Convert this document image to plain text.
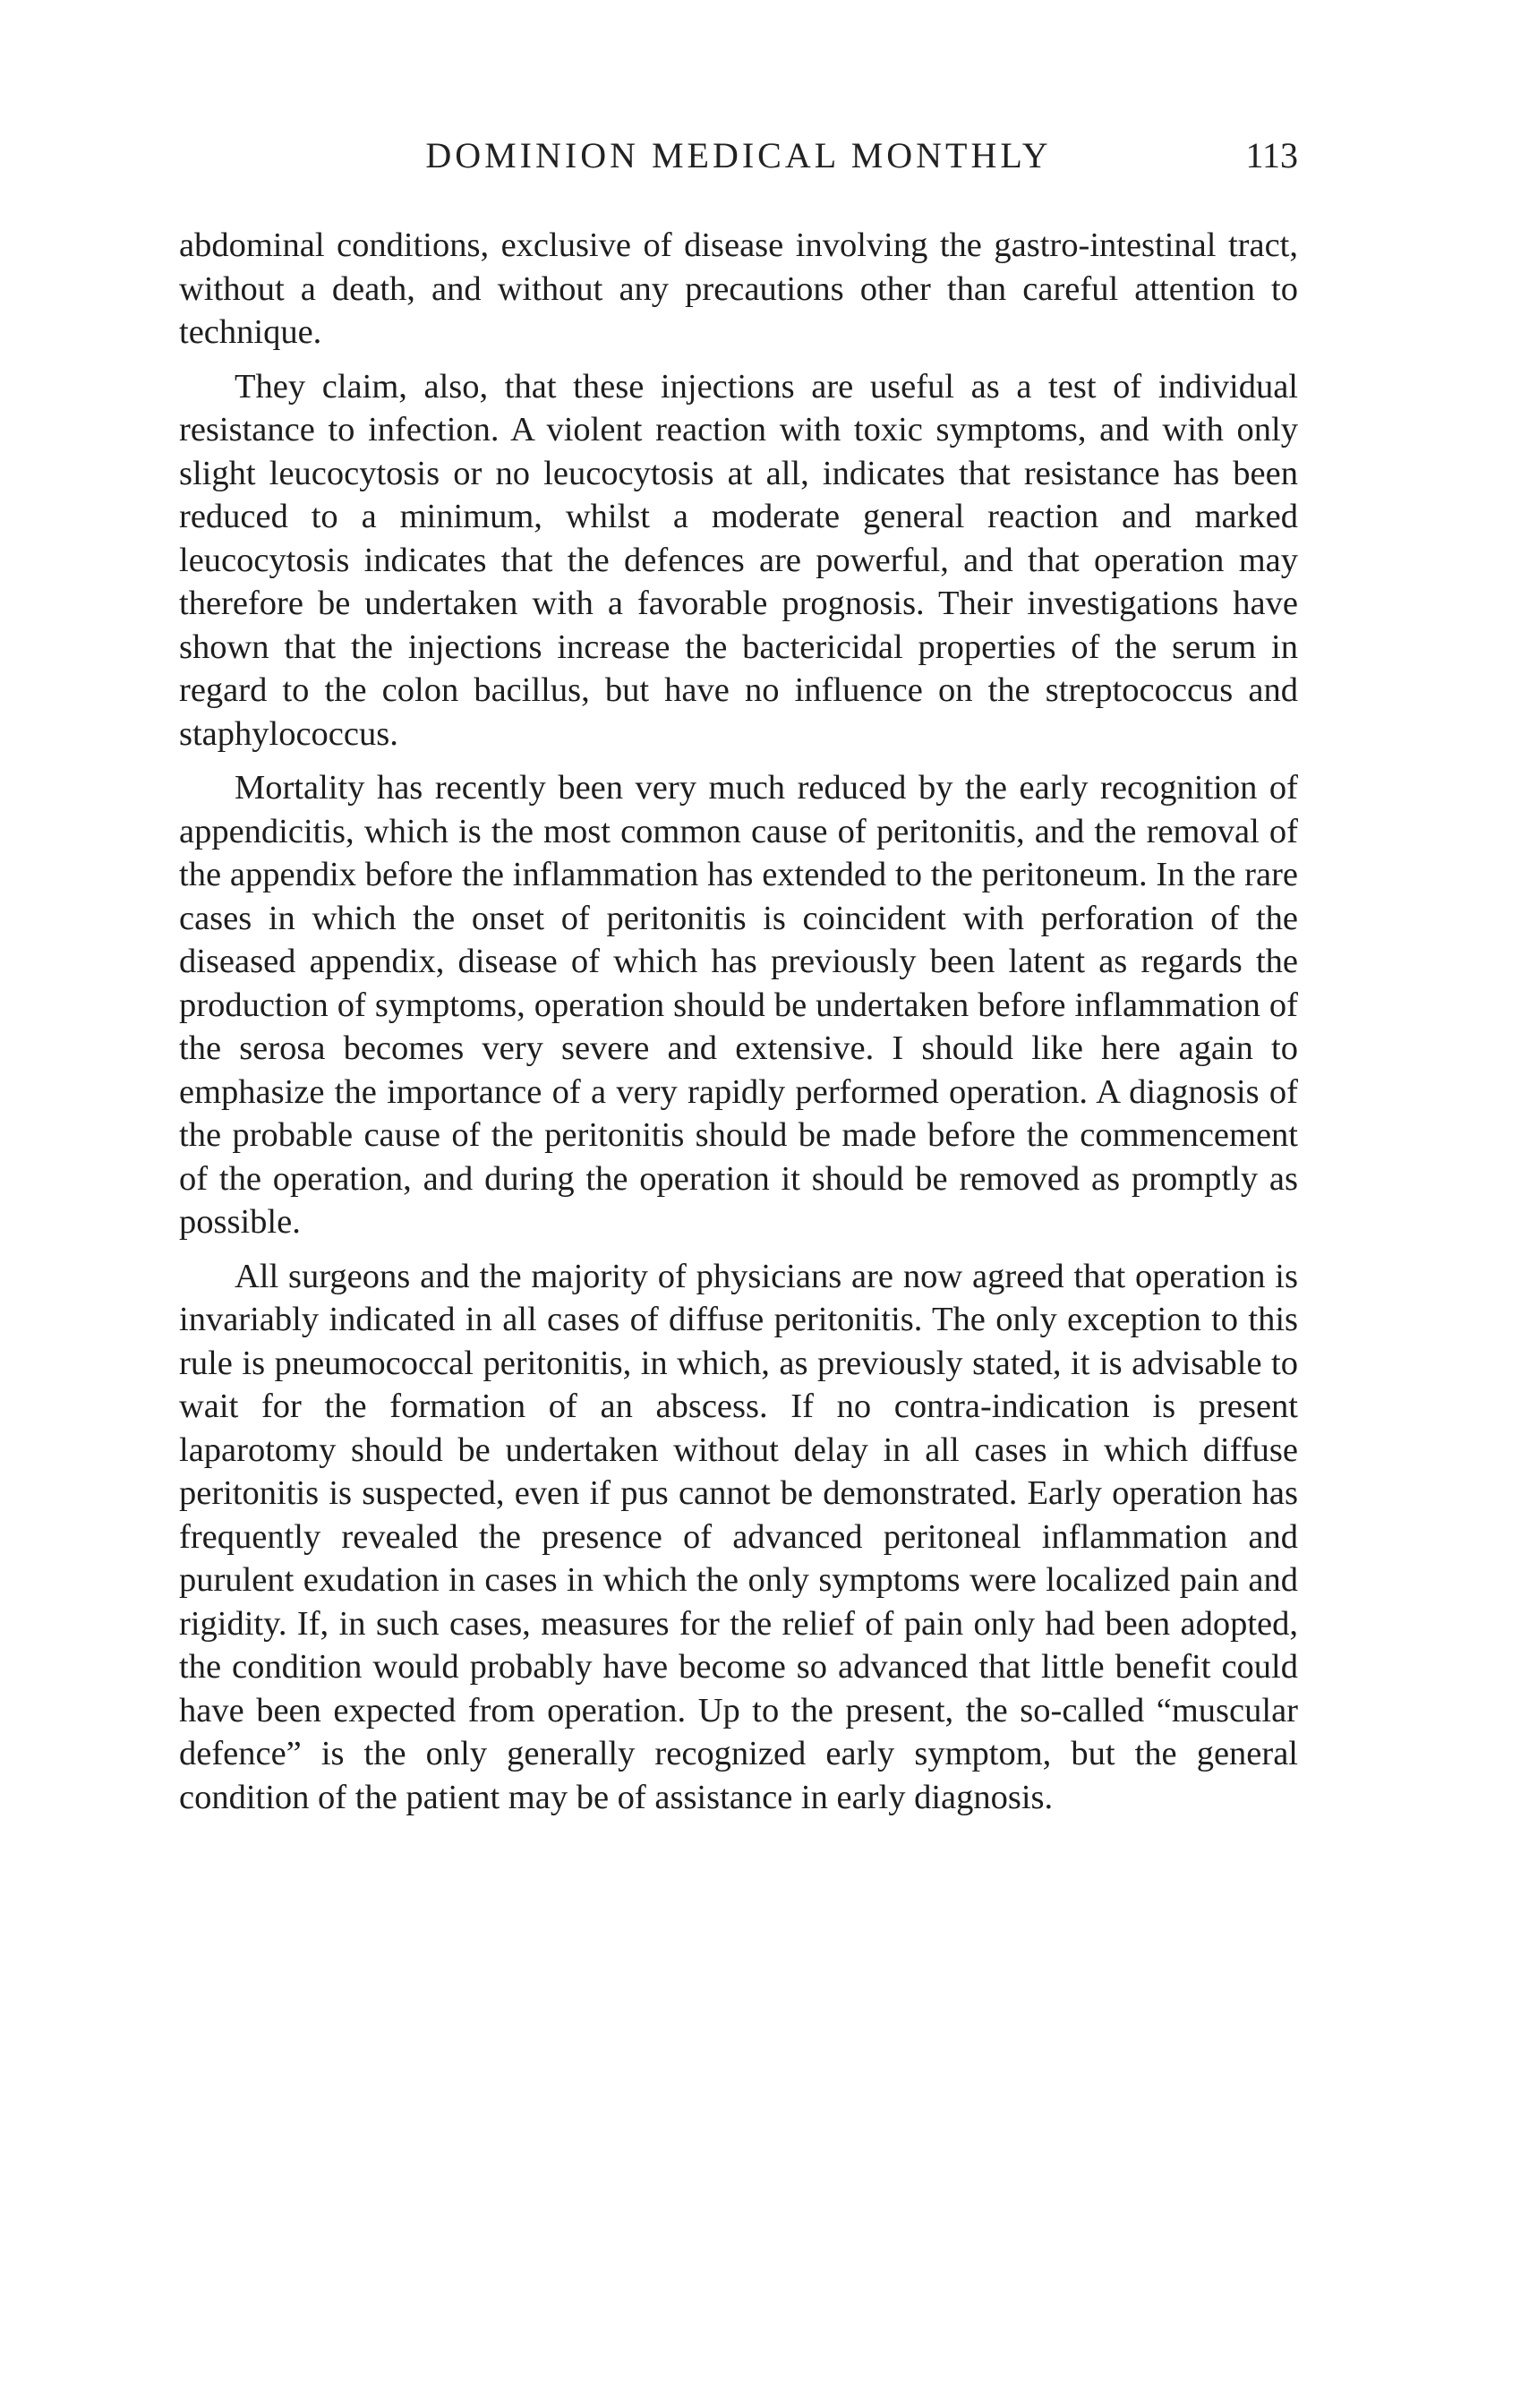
DOMINION MEDICAL MONTHLY	113

abdominal conditions, exclusive of disease involving the gastro-intestinal tract, without a death, and without any precautions other than careful attention to technique.

They claim, also, that these injections are useful as a test of individual resistance to infection. A violent reaction with toxic symptoms, and with only slight leucocytosis or no leucocytosis at all, indicates that resistance has been reduced to a minimum, whilst a moderate general reaction and marked leucocytosis indicates that the defences are powerful, and that operation may therefore be undertaken with a favorable prognosis. Their investigations have shown that the injections increase the bactericidal properties of the serum in regard to the colon bacillus, but have no influence on the streptococcus and staphylococcus.

Mortality has recently been very much reduced by the early recognition of appendicitis, which is the most common cause of peritonitis, and the removal of the appendix before the inflammation has extended to the peritoneum. In the rare cases in which the onset of peritonitis is coincident with perforation of the diseased appendix, disease of which has previously been latent as regards the production of symptoms, operation should be undertaken before inflammation of the serosa becomes very severe and extensive. I should like here again to emphasize the importance of a very rapidly performed operation. A diagnosis of the probable cause of the peritonitis should be made before the commencement of the operation, and during the operation it should be removed as promptly as possible.

All surgeons and the majority of physicians are now agreed that operation is invariably indicated in all cases of diffuse peritonitis. The only exception to this rule is pneumococcal peritonitis, in which, as previously stated, it is advisable to wait for the formation of an abscess. If no contra-indication is present laparotomy should be undertaken without delay in all cases in which diffuse peritonitis is suspected, even if pus cannot be demonstrated. Early operation has frequently revealed the presence of advanced peritoneal inflammation and purulent exudation in cases in which the only symptoms were localized pain and rigidity. If, in such cases, measures for the relief of pain only had been adopted, the condition would probably have become so advanced that little benefit could have been expected from operation. Up to the present, the so-called “muscular defence” is the only generally recognized early symptom, but the general condition of the patient may be of assistance in early diagnosis.
